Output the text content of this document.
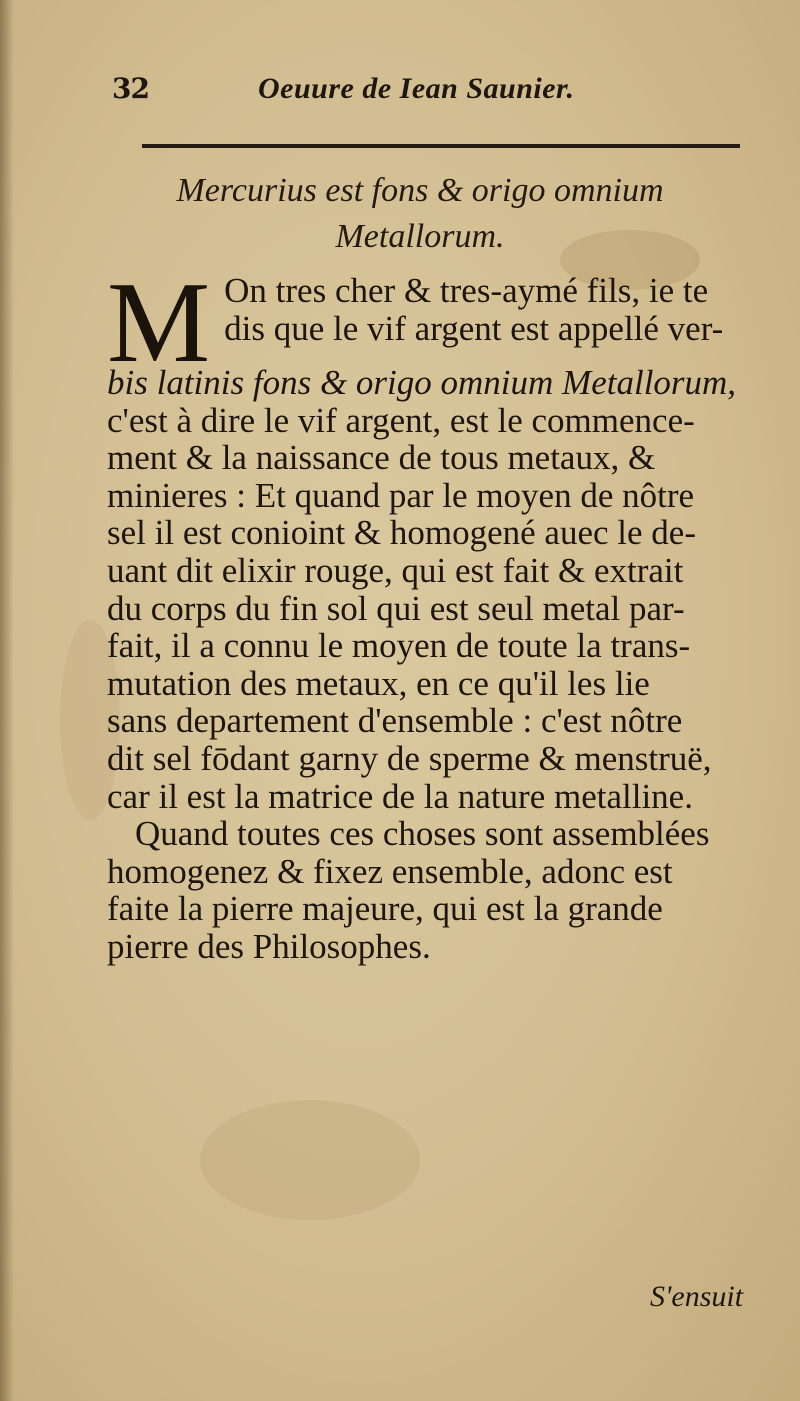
32	Oeuure de Iean Saunier.
Mercurius est fons & origo omnium
Metallorum.
M On tres cher & tres-aymé fils, ie te
dis que le vif argent est appellé ver-
bis latinis fons & origo omnium Metallorum,
c'est à dire le vif argent, est le commence-
ment & la naissance de tous metaux, &
minieres : Et quand par le moyen de nôtre
sel il est conioint & homogené auec le de-
uant dit elixir rouge, qui est fait & extrait
du corps du fin sol qui est seul metal par-
fait, il a connu le moyen de toute la trans-
mutation des metaux, en ce qu'il les lie
sans departement d'ensemble : c'est nôtre
dit sel fōdant garny de sperme & menstruë,
car il est la matrice de la nature metalline.
Quand toutes ces choses sont assemblées
homogenez & fixez ensemble, adonc est
faite la pierre majeure, qui est la grande
pierre des Philosophes.
S'ensuit
